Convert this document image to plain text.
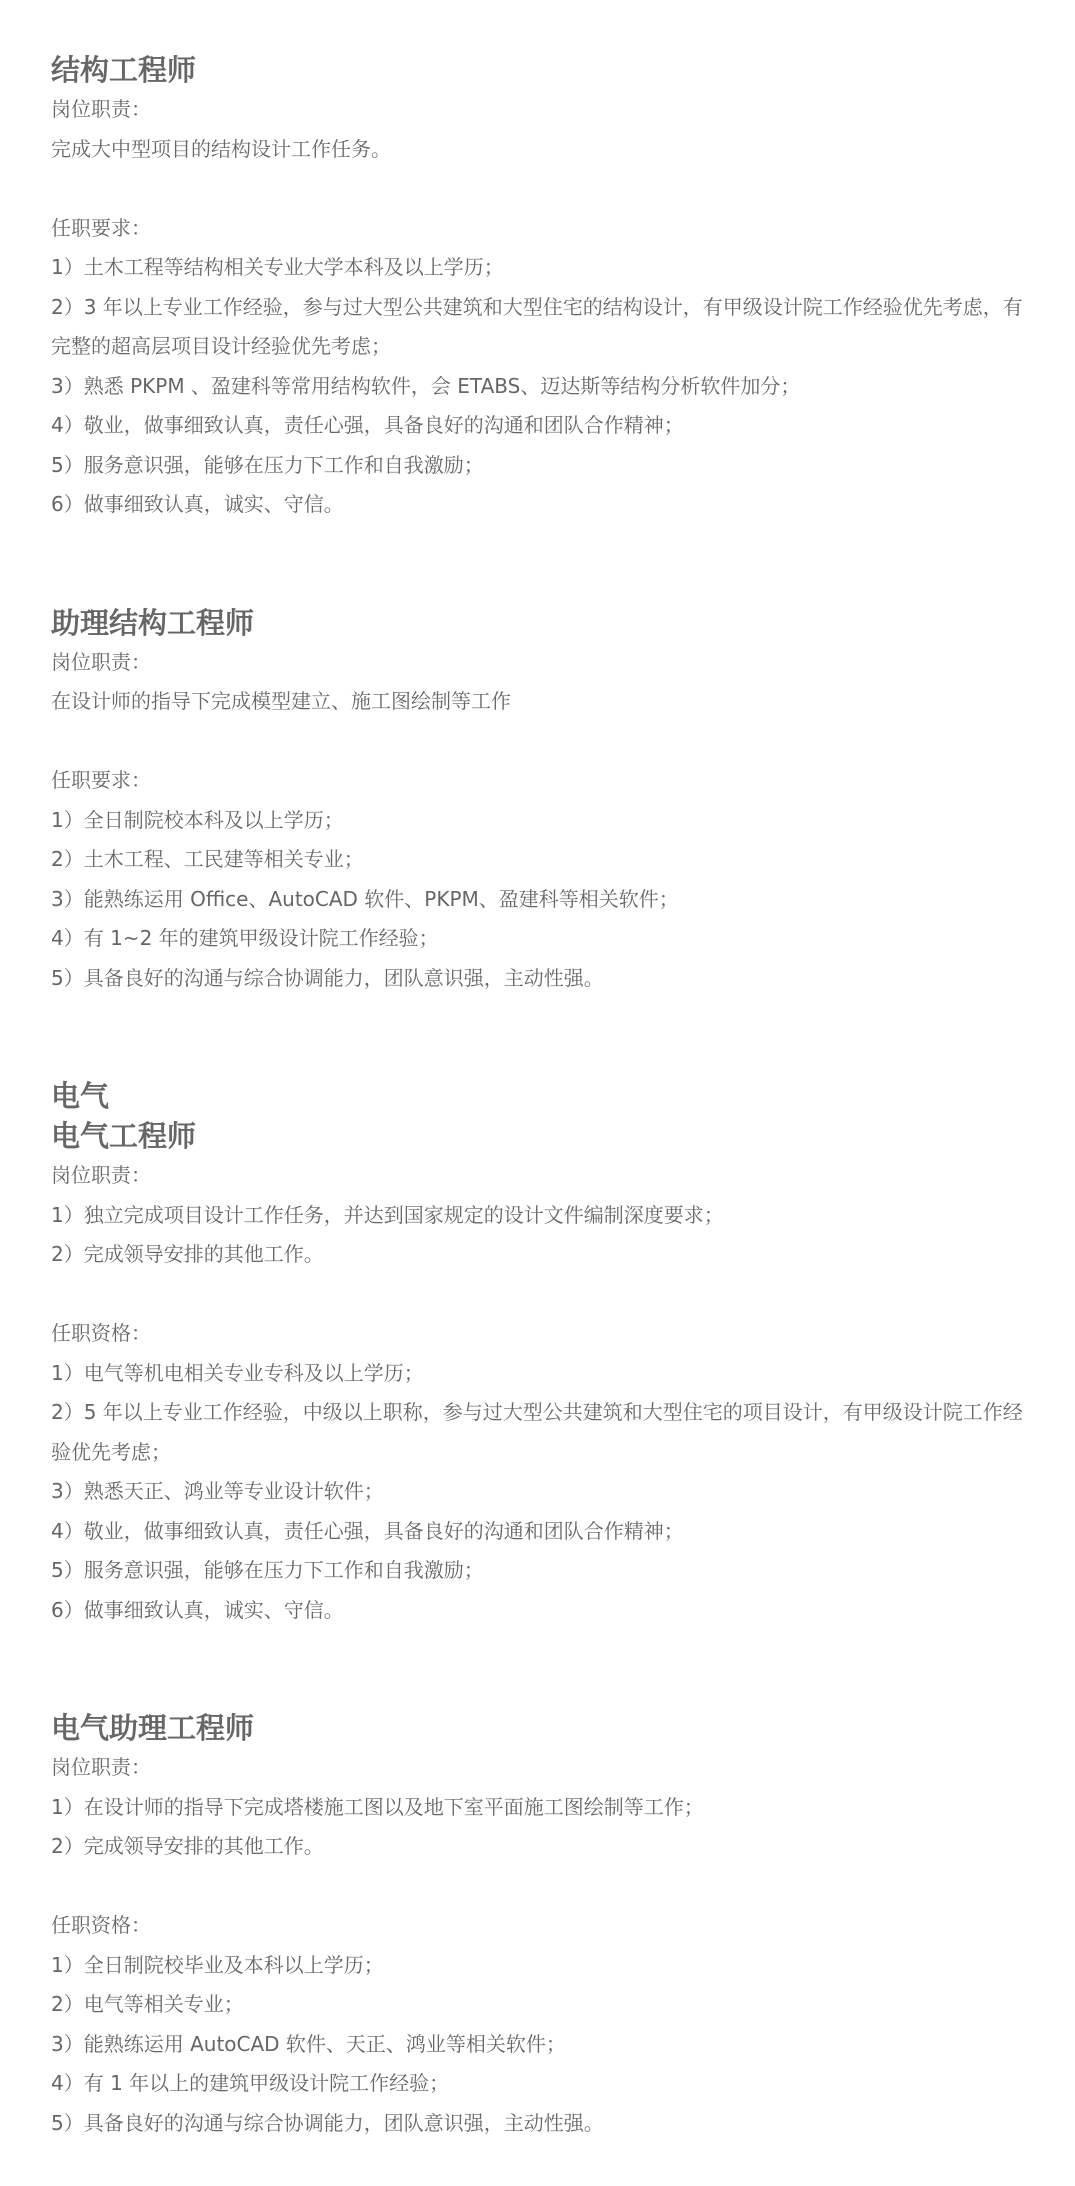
结构工程师
岗位职责：
完成大中型项目的结构设计工作任务。
任职要求：
1）土木工程等结构相关专业大学本科及以上学历；
2）3 年以上专业工作经验，参与过大型公共建筑和大型住宅的结构设计，有甲级设计院工作经验优先考虑，有完整的超高层项目设计经验优先考虑；
3）熟悉 PKPM 、盈建科等常用结构软件，会 ETABS、迈达斯等结构分析软件加分；
4）敬业，做事细致认真，责任心强，具备良好的沟通和团队合作精神；
5）服务意识强，能够在压力下工作和自我激励；
6）做事细致认真，诚实、守信。
助理结构工程师
岗位职责：
在设计师的指导下完成模型建立、施工图绘制等工作
任职要求：
1）全日制院校本科及以上学历；
2）土木工程、工民建等相关专业；
3）能熟练运用 Office、AutoCAD 软件、PKPM、盈建科等相关软件；
4）有 1~2 年的建筑甲级设计院工作经验；
5）具备良好的沟通与综合协调能力，团队意识强，主动性强。
电气
电气工程师
岗位职责：
1）独立完成项目设计工作任务，并达到国家规定的设计文件编制深度要求；
2）完成领导安排的其他工作。
任职资格：
1）电气等机电相关专业专科及以上学历；
2）5 年以上专业工作经验，中级以上职称，参与过大型公共建筑和大型住宅的项目设计，有甲级设计院工作经验优先考虑；
3）熟悉天正、鸿业等专业设计软件；
4）敬业，做事细致认真，责任心强，具备良好的沟通和团队合作精神；
5）服务意识强，能够在压力下工作和自我激励；
6）做事细致认真，诚实、守信。
电气助理工程师
岗位职责：
1）在设计师的指导下完成塔楼施工图以及地下室平面施工图绘制等工作；
2）完成领导安排的其他工作。
任职资格：
1）全日制院校毕业及本科以上学历；
2）电气等相关专业；
3）能熟练运用 AutoCAD 软件、天正、鸿业等相关软件；
4）有 1 年以上的建筑甲级设计院工作经验；
5）具备良好的沟通与综合协调能力，团队意识强，主动性强。
